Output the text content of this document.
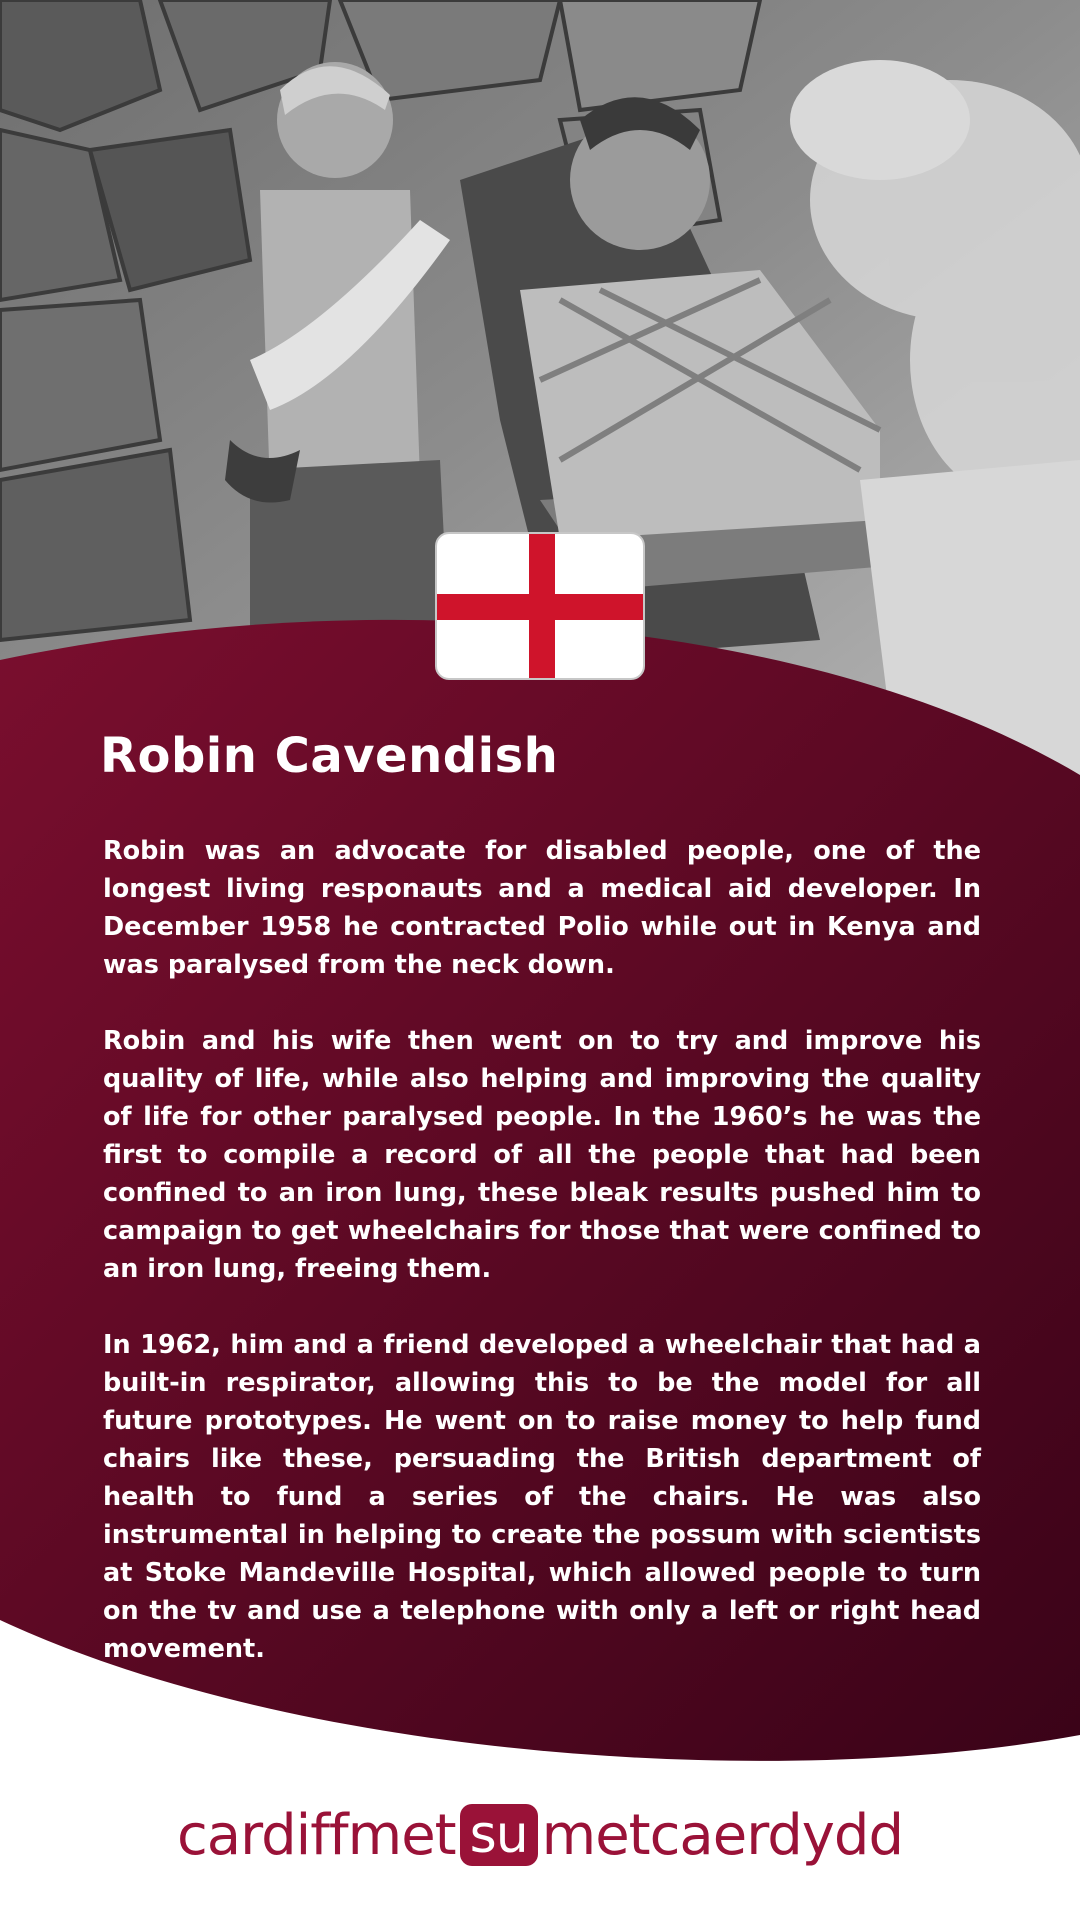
Robin Cavendish

Robin was an advocate for disabled people, one of the longest living responauts and a medical aid developer. In December 1958 he contracted Polio while out in Kenya and was paralysed from the neck down.

Robin and his wife then went on to try and improve his quality of life, while also helping and improving the quality of life for other paralysed people. In the 1960’s he was the first to compile a record of all the people that had been confined to an iron lung, these bleak results pushed him to campaign to get wheelchairs for those that were confined to an iron lung, freeing them.

In 1962, him and a friend developed a wheelchair that had a built-in respirator, allowing this to be the model for all future prototypes. He went on to raise money to help fund chairs like these, persuading the British department of health to fund a series of the chairs. He was also instrumental in helping to create the possum with scientists at Stoke Mandeville Hospital, which allowed people to turn on the tv and use a telephone with only a left or right head movement.

cardiffmet su metcaerdydd
